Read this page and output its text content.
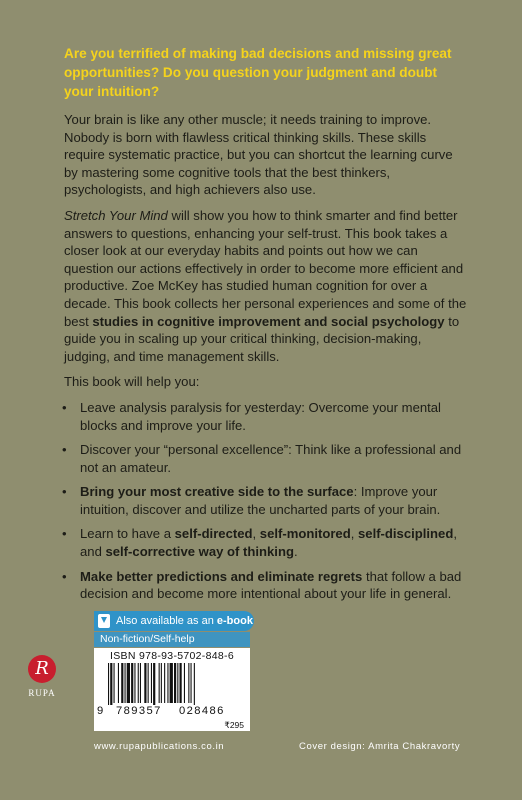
Are you terrified of making bad decisions and missing great opportunities? Do you question your judgment and doubt your intuition?

Your brain is like any other muscle; it needs training to improve. Nobody is born with flawless critical thinking skills. These skills require systematic practice, but you can shortcut the learning curve by mastering some cognitive tools that the best thinkers, psychologists, and high achievers also use.

Stretch Your Mind will show you how to think smarter and find better answers to questions, enhancing your self-trust. This book takes a closer look at our everyday habits and points out how we can question our actions effectively in order to become more efficient and productive. Zoe McKey has studied human cognition for over a decade. This book collects her personal experiences and some of the best studies in cognitive improvement and social psychology to guide you in scaling up your critical thinking, decision-making, judging, and time management skills.

This book will help you:

• Leave analysis paralysis for yesterday: Overcome your mental blocks and improve your life.
• Discover your “personal excellence”: Think like a professional and not an amateur.
• Bring your most creative side to the surface: Improve your intuition, discover and utilize the uncharted parts of your brain.
• Learn to have a self-directed, self-monitored, self-disciplined, and self-corrective way of thinking.
• Make better predictions and eliminate regrets that follow a bad decision and become more intentional about your life in general.
Also available as an e-book
Non-fiction/Self-help
ISBN 978-93-5702-848-6
9 789357 028486
₹295
R
RUPA
www.rupapublications.co.in	Cover design: Amrita Chakravorty
